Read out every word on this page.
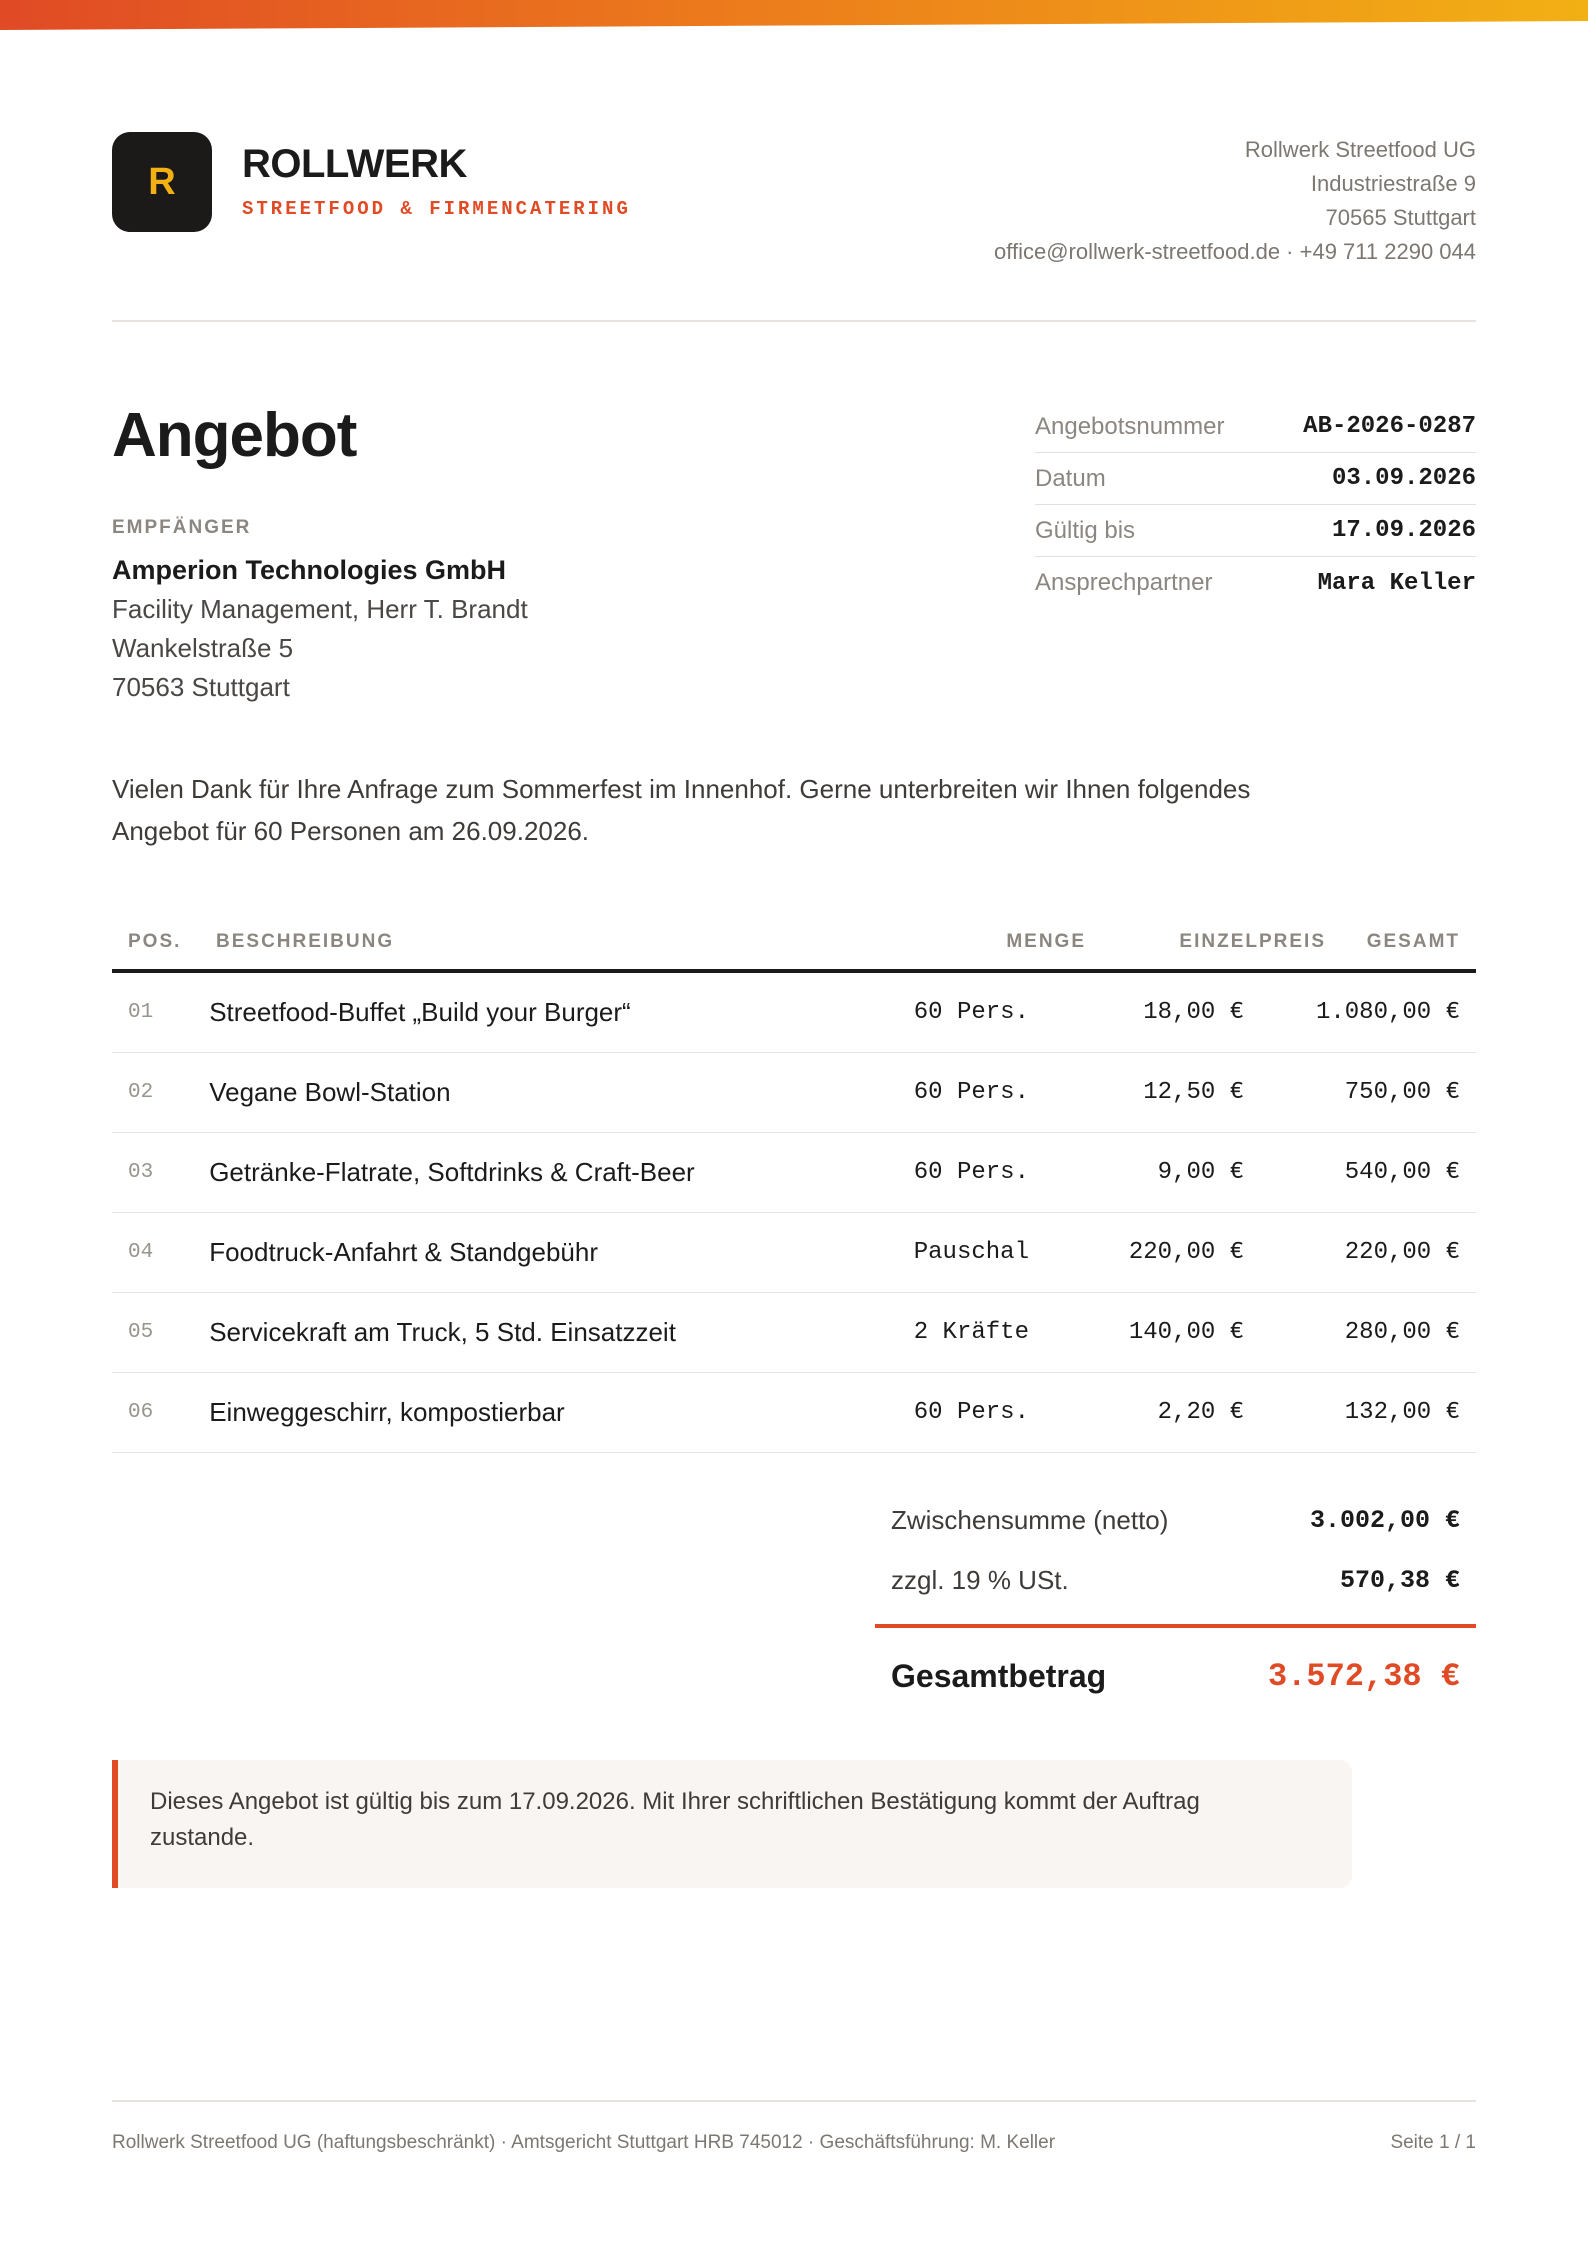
R ROLLWERK
STREETFOOD & FIRMENCATERING
Rollwerk Streetfood UG
Industriestraße 9
70565 Stuttgart
office@rollwerk-streetfood.de · +49 711 2290 044
Angebot
EMPFÄNGER
Amperion Technologies GmbH
Facility Management, Herr T. Brandt
Wankelstraße 5
70563 Stuttgart
Angebotsnummer	AB-2026-0287
Datum	03.09.2026
Gültig bis	17.09.2026
Ansprechpartner	Mara Keller
Vielen Dank für Ihre Anfrage zum Sommerfest im Innenhof. Gerne unterbreiten wir Ihnen folgendes
Angebot für 60 Personen am 26.09.2026.
POS.	BESCHREIBUNG	MENGE	EINZELPREIS	GESAMT
01	Streetfood-Buffet „Build your Burger“	60 Pers.	18,00 €	1.080,00 €
02	Vegane Bowl-Station	60 Pers.	12,50 €	750,00 €
03	Getränke-Flatrate, Softdrinks & Craft-Beer	60 Pers.	9,00 €	540,00 €
04	Foodtruck-Anfahrt & Standgebühr	Pauschal	220,00 €	220,00 €
05	Servicekraft am Truck, 5 Std. Einsatzzeit	2 Kräfte	140,00 €	280,00 €
06	Einweggeschirr, kompostierbar	60 Pers.	2,20 €	132,00 €
Zwischensumme (netto)	3.002,00 €
zzgl. 19 % USt.	570,38 €
Gesamtbetrag	3.572,38 €
Dieses Angebot ist gültig bis zum 17.09.2026. Mit Ihrer schriftlichen Bestätigung kommt der Auftrag
zustande.
Rollwerk Streetfood UG (haftungsbeschränkt) · Amtsgericht Stuttgart HRB 745012 · Geschäftsführung: M. Keller	Seite 1 / 1
